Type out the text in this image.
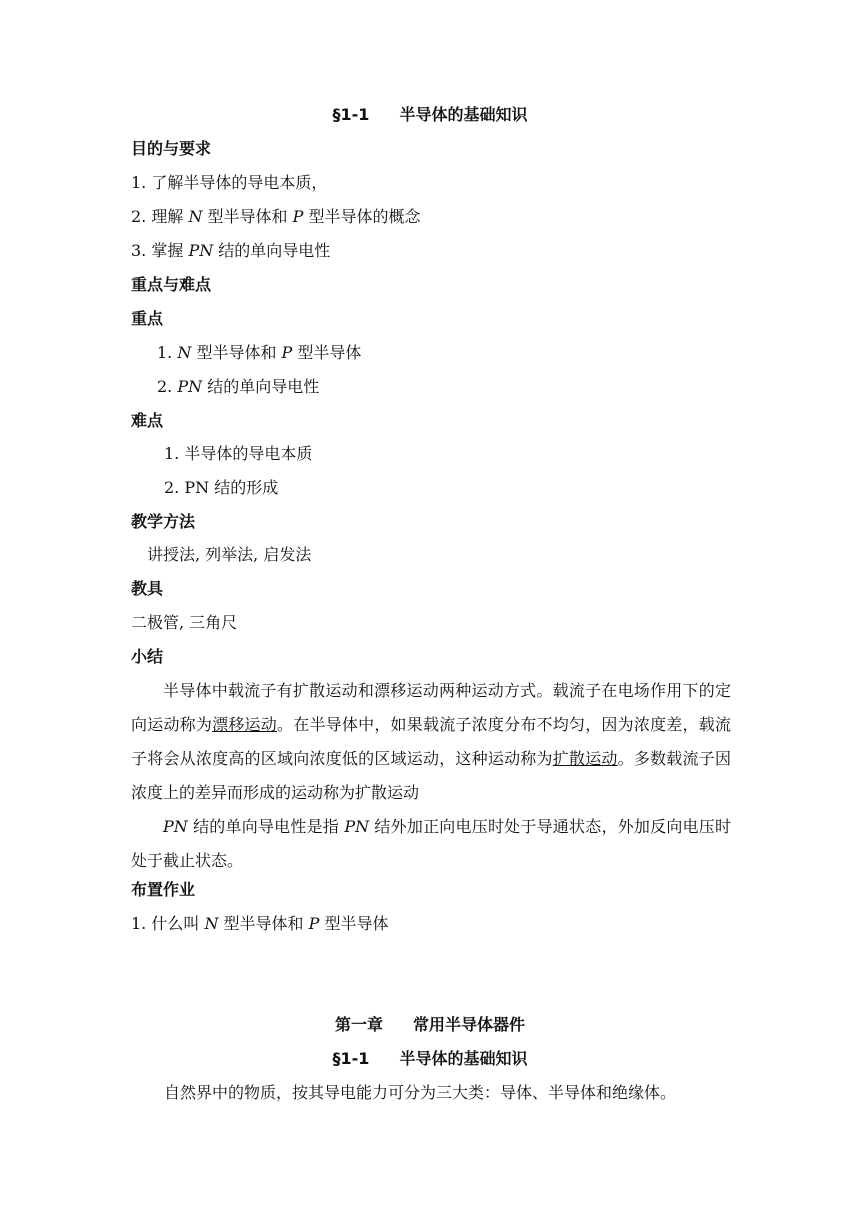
§1-1 半导体的基础知识
目的与要求
1. 了解半导体的导电本质，
2. 理解 N 型半导体和 P 型半导体的概念
3. 掌握 PN 结的单向导电性
重点与难点
重点
1. N 型半导体和 P 型半导体
2. PN 结的单向导电性
难点
1. 半导体的导电本质
2. PN 结的形成
教学方法
讲授法, 列举法, 启发法
教具
二极管, 三角尺
小结
半导体中载流子有扩散运动和漂移运动两种运动方式。载流子在电场作用下的定向运动称为漂移运动。在半导体中，如果载流子浓度分布不均匀，因为浓度差，载流子将会从浓度高的区域向浓度低的区域运动，这种运动称为扩散运动。多数载流子因浓度上的差异而形成的运动称为扩散运动
PN 结的单向导电性是指 PN 结外加正向电压时处于导通状态，外加反向电压时处于截止状态。
布置作业
1. 什么叫 N 型半导体和 P 型半导体
第一章 常用半导体器件
§1-1 半导体的基础知识
自然界中的物质，按其导电能力可分为三大类：导体、半导体和绝缘体。
